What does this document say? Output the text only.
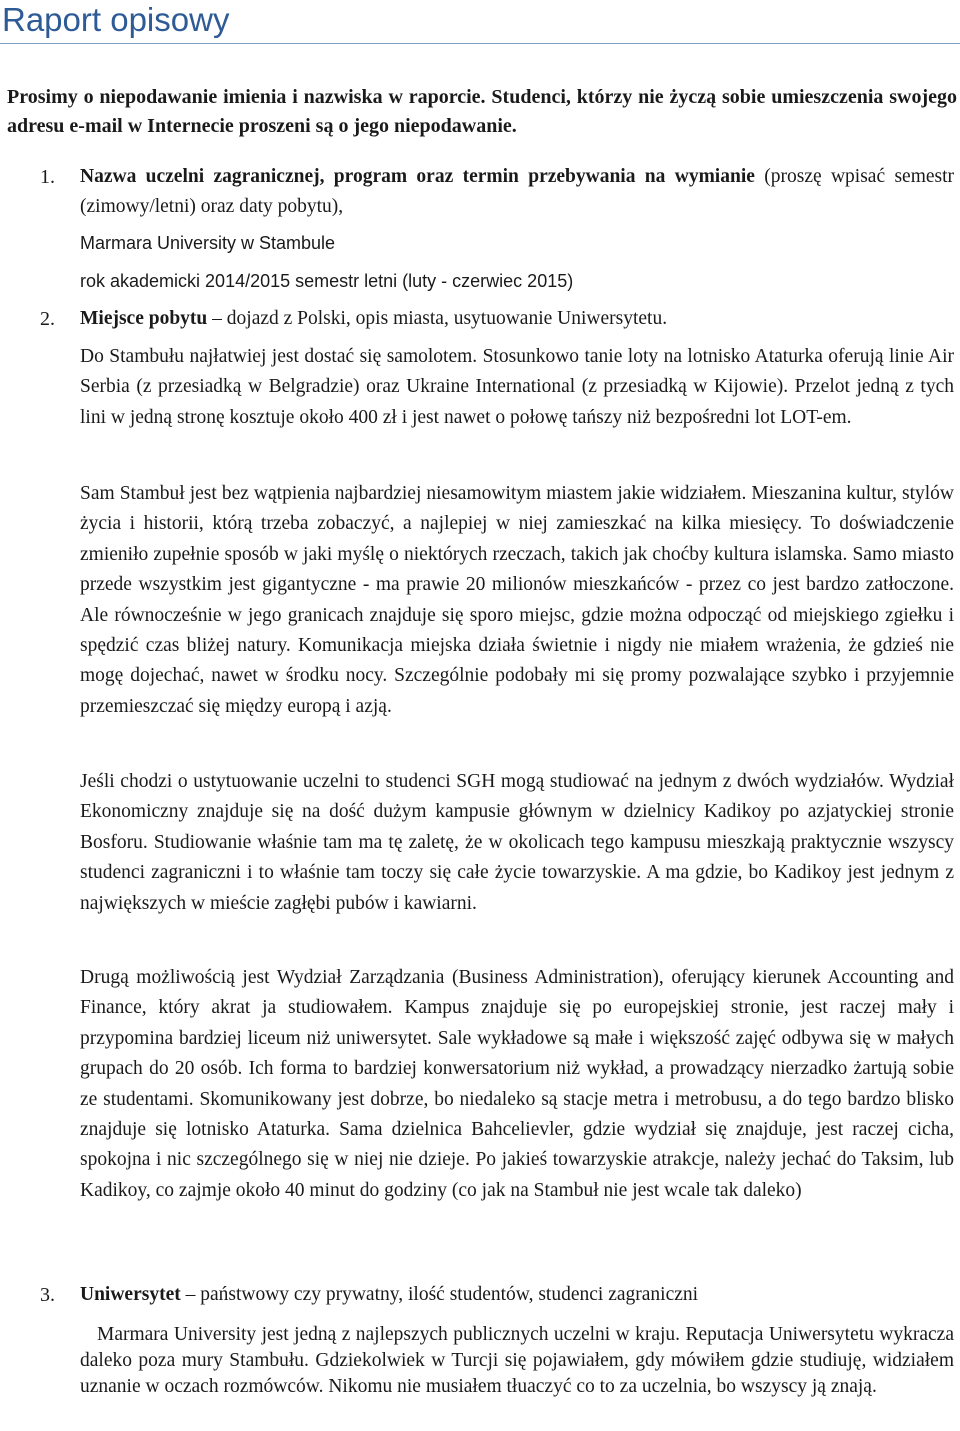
Raport opisowy
Prosimy o niepodawanie imienia i nazwiska w raporcie. Studenci, którzy nie życzą sobie umieszczenia swojego adresu e-mail w Internecie proszeni są o jego niepodawanie.
1. Nazwa uczelni zagranicznej, program oraz termin przebywania na wymianie (proszę wpisać semestr (zimowy/letni) oraz daty pobytu),
Marmara University w Stambule
rok akademicki 2014/2015 semestr letni (luty - czerwiec 2015)
2. Miejsce pobytu – dojazd z Polski, opis miasta, usytuowanie Uniwersytetu.
Do Stambułu najłatwiej jest dostać się samolotem. Stosunkowo tanie loty na lotnisko Ataturka oferują linie Air Serbia (z przesiadką w Belgradzie) oraz Ukraine International (z przesiadką w Kijowie). Przelot jedną z tych lini w jedną stronę kosztuje około 400 zł i jest nawet o połowę tańszy niż bezpośredni lot LOT-em.
Sam Stambuł jest bez wątpienia najbardziej niesamowitym miastem jakie widziałem. Mieszanina kultur, stylów życia i historii, którą trzeba zobaczyć, a najlepiej w niej zamieszkać na kilka miesięcy. To doświadczenie zmieniło zupełnie sposób w jaki myślę o niektórych rzeczach, takich jak choćby kultura islamska. Samo miasto przede wszystkim jest gigantyczne - ma prawie 20 milionów mieszkańców - przez co jest bardzo zatłoczone. Ale równocześnie w jego granicach znajduje się sporo miejsc, gdzie można odpocząć od miejskiego zgiełku i spędzić czas bliżej natury. Komunikacja miejska działa świetnie i nigdy nie miałem wrażenia, że gdzieś nie mogę dojechać, nawet w środku nocy. Szczególnie podobały mi się promy pozwalające szybko i przyjemnie przemieszczać się między europą i azją.
Jeśli chodzi o ustytuowanie uczelni to studenci SGH mogą studiować na jednym z dwóch wydziałów. Wydział Ekonomiczny znajduje się na dość dużym kampusie głównym w dzielnicy Kadikoy po azjatyckiej stronie Bosforu. Studiowanie właśnie tam ma tę zaletę, że w okolicach tego kampusu mieszkają praktycznie wszyscy studenci zagraniczni i to właśnie tam toczy się całe życie towarzyskie. A ma gdzie, bo Kadikoy jest jednym z największych w mieście zagłębi pubów i kawiarni.
Drugą możliwością jest Wydział Zarządzania (Business Administration), oferujący kierunek Accounting and Finance, który akrat ja studiowałem. Kampus znajduje się po europejskiej stronie, jest raczej mały i przypomina bardziej liceum niż uniwersytet. Sale wykładowe są małe i większość zajęć odbywa się w małych grupach do 20 osób. Ich forma to bardziej konwersatorium niż wykład, a prowadzący nierzadko żartują sobie ze studentami. Skomunikowany jest dobrze, bo niedaleko są stacje metra i metrobusu, a do tego bardzo blisko znajduje się lotnisko Ataturka. Sama dzielnica Bahcelievler, gdzie wydział się znajduje, jest raczej cicha, spokojna i nic szczególnego się w niej nie dzieje. Po jakieś towarzyskie atrakcje, należy jechać do Taksim, lub Kadikoy, co zajmje około 40 minut do godziny (co jak na Stambuł nie jest wcale tak daleko)
3. Uniwersytet – państwowy czy prywatny, ilość studentów, studenci zagraniczni
Marmara University jest jedną z najlepszych publicznych uczelni w kraju. Reputacja Uniwersytetu wykracza daleko poza mury Stambułu. Gdziekolwiek w Turcji się pojawiałem, gdy mówiłem gdzie studiuję, widziałem uznanie w oczach rozmówców. Nikomu nie musiałem tłuaczyć co to za uczelnia, bo wszyscy ją znają.
